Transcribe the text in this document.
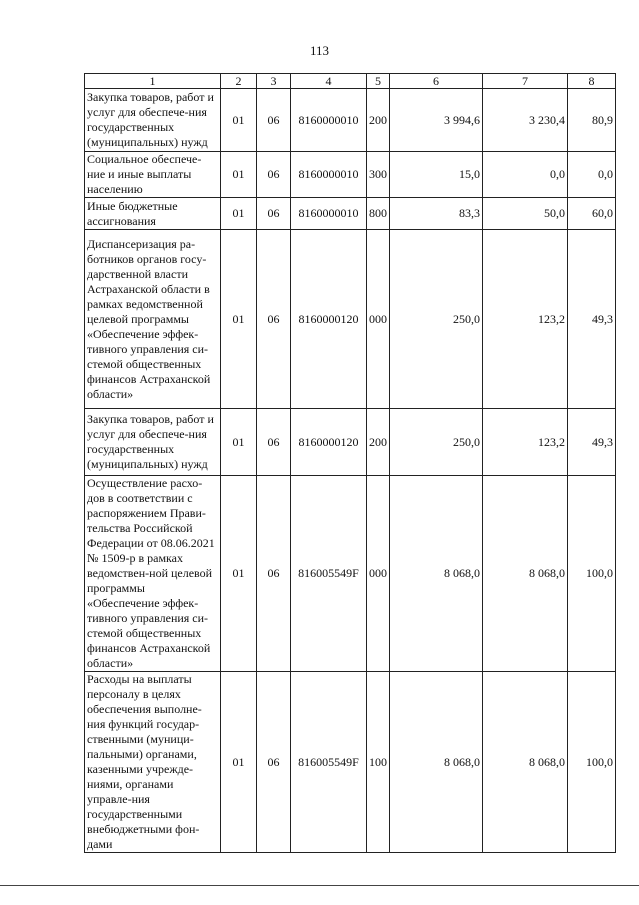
113
1	2	3	4	5	6	7	8
Закупка товаров, работ и услуг для обеспече-ния государственных (муниципальных) нужд	01	06	8160000010	200	3 994,6	3 230,4	80,9
Социальное обеспече-ние и иные выплаты населению	01	06	8160000010	300	15,0	0,0	0,0
Иные бюджетные ассигнования	01	06	8160000010	800	83,3	50,0	60,0
Диспансеризация ра-ботников органов госу-дарственной власти Астраханской области в рамках ведомственной целевой программы «Обеспечение эффек-тивного управления си-стемой общественных финансов Астраханской области»	01	06	8160000120	000	250,0	123,2	49,3
Закупка товаров, работ и услуг для обеспече-ния государственных (муниципальных) нужд	01	06	8160000120	200	250,0	123,2	49,3
Осуществление расхо-дов в соответствии с распоряжением Прави-тельства Российской Федерации от 08.06.2021 № 1509-р в рамках ведомствен-ной целевой программы «Обеспечение эффек-тивного управления си-стемой общественных финансов Астраханской области»	01	06	816005549F	000	8 068,0	8 068,0	100,0
Расходы на выплаты персоналу в целях обеспечения выполне-ния функций государ-ственными (муници-пальными) органами, казенными учрежде-ниями, органами управле-ния государственными внебюджетными фон-дами	01	06	816005549F	100	8 068,0	8 068,0	100,0
